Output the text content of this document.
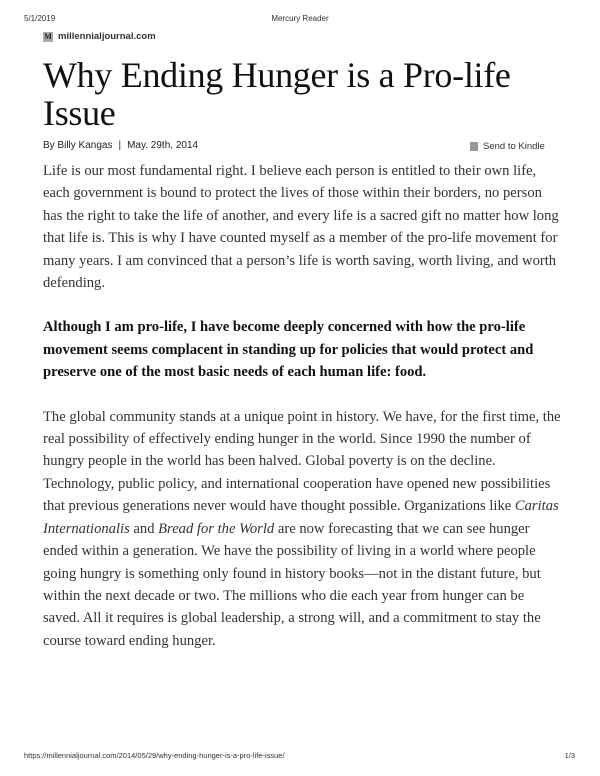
5/1/2019	Mercury Reader
M millennialjournal.com
Why Ending Hunger is a Pro-life Issue
By Billy Kangas | May. 29th, 2014	Send to Kindle

Life is our most fundamental right. I believe each person is entitled to their own life, each government is bound to protect the lives of those within their borders, no person has the right to take the life of another, and every life is a sacred gift no matter how long that life is. This is why I have counted myself as a member of the pro-life movement for many years. I am convinced that a person’s life is worth saving, worth living, and worth defending.

Although I am pro-life, I have become deeply concerned with how the pro-life movement seems complacent in standing up for policies that would protect and preserve one of the most basic needs of each human life: food.

The global community stands at a unique point in history. We have, for the first time, the real possibility of effectively ending hunger in the world. Since 1990 the number of hungry people in the world has been halved. Global poverty is on the decline. Technology, public policy, and international cooperation have opened new possibilities that previous generations never would have thought possible. Organizations like Caritas Internationalis and Bread for the World are now forecasting that we can see hunger ended within a generation. We have the possibility of living in a world where people going hungry is something only found in history books—not in the distant future, but within the next decade or two. The millions who die each year from hunger can be saved. All it requires is global leadership, a strong will, and a commitment to stay the course toward ending hunger.

https://millennialjournal.com/2014/05/29/why-ending-hunger-is-a-pro-life-issue/	1/3
